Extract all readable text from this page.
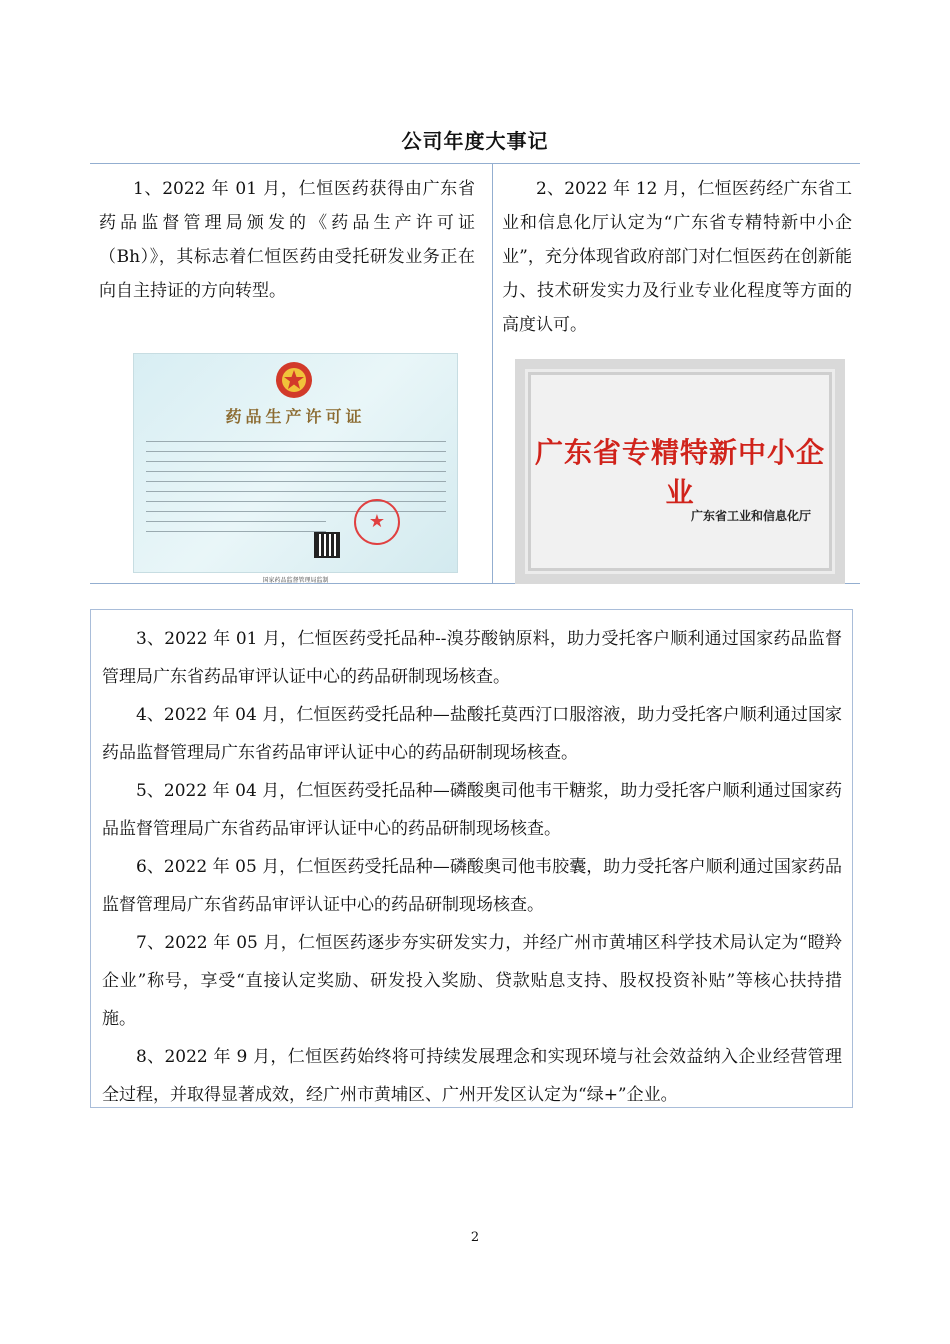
公司年度大事记
1、2022 年 01 月，仁恒医药获得由广东省药品监督管理局颁发的《药品生产许可证（Bh）》，其标志着仁恒医药由受托研发业务正在向自主持证的方向转型。
2、2022 年 12 月，仁恒医药经广东省工业和信息化厅认定为“广东省专精特新中小企业”，充分体现省政府部门对仁恒医药在创新能力、技术研发实力及行业专业化程度等方面的高度认可。
药品生产许可证
★
国家药品监督管理局监制
广东省专精特新中小企业
广东省工业和信息化厅

3、2022 年 01 月，仁恒医药受托品种--溴芬酸钠原料，助力受托客户顺利通过国家药品监督管理局广东省药品审评认证中心的药品研制现场核查。

4、2022 年 04 月，仁恒医药受托品种—盐酸托莫西汀口服溶液，助力受托客户顺利通过国家药品监督管理局广东省药品审评认证中心的药品研制现场核查。

5、2022 年 04 月，仁恒医药受托品种—磷酸奥司他韦干糖浆，助力受托客户顺利通过国家药品监督管理局广东省药品审评认证中心的药品研制现场核查。

6、2022 年 05 月，仁恒医药受托品种—磷酸奥司他韦胶囊，助力受托客户顺利通过国家药品监督管理局广东省药品审评认证中心的药品研制现场核查。

7、2022 年 05 月，仁恒医药逐步夯实研发实力，并经广州市黄埔区科学技术局认定为“瞪羚企业”称号，享受“直接认定奖励、研发投入奖励、贷款贴息支持、股权投资补贴”等核心扶持措施。

8、2022 年 9 月，仁恒医药始终将可持续发展理念和实现环境与社会效益纳入企业经营管理全过程，并取得显著成效，经广州市黄埔区、广州开发区认定为“绿+”企业。

2
